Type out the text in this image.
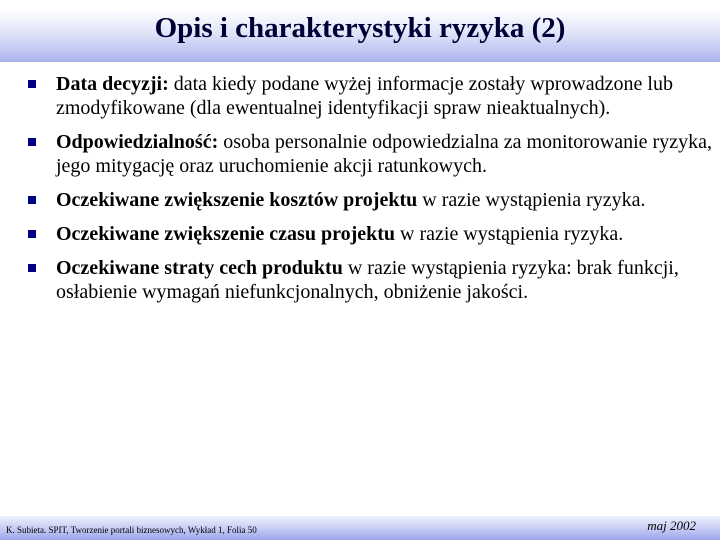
Opis i charakterystyki ryzyka (2)
Data decyzji: data kiedy podane wyżej informacje zostały wprowadzone lub zmodyfikowane (dla ewentualnej identyfikacji spraw nieaktualnych).
Odpowiedzialność: osoba personalnie odpowiedzialna za monitorowanie ryzyka, jego mitygację oraz uruchomienie akcji ratunkowych.
Oczekiwane zwiększenie kosztów projektu w razie wystąpienia ryzyka.
Oczekiwane zwiększenie czasu projektu w razie wystąpienia ryzyka.
Oczekiwane straty cech produktu w razie wystąpienia ryzyka: brak funkcji, osłabienie wymagań niefunkcjonalnych, obniżenie jakości.
K. Subieta. SPIT, Tworzenie portali biznesowych, Wykład 1, Folia 50	maj 2002
